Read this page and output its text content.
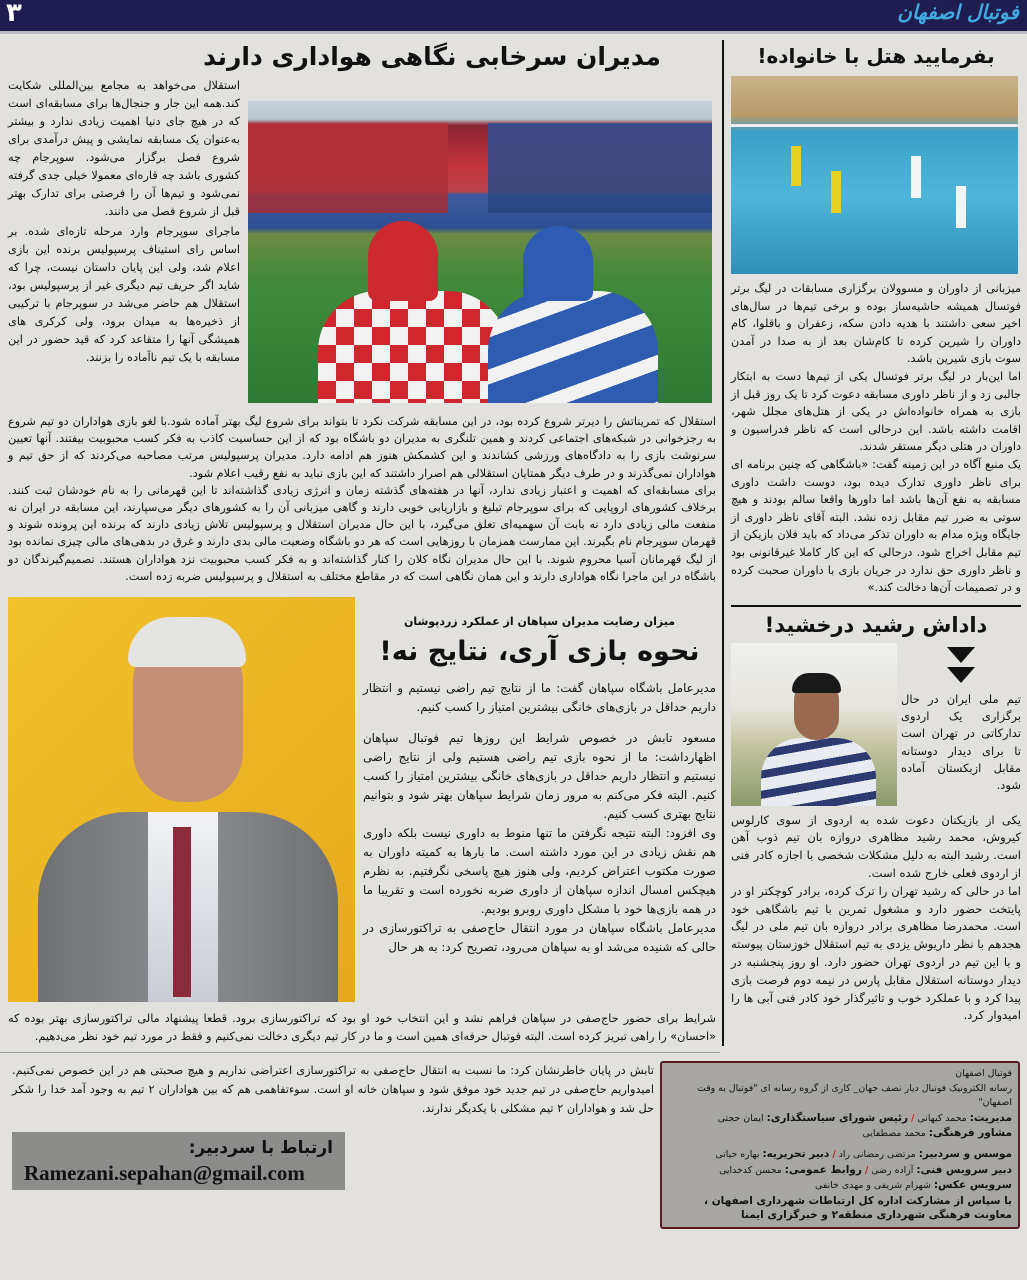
فوتبال اصفهان
۳
مدیران سرخابی نگاهی هواداری دارند

استقلال می‌خواهد به مجامع بین‌المللی شکایت کند.همه این جار و جنجال‌ها برای مسابقه‌ای است که در هیچ جای دنیا اهمیت زیادی ندارد و بیشتر به‌عنوان یک مسابقه نمایشی و پیش درآمدی برای شروع فصل برگزار می‌شود. سوپرجام چه کشوری باشد چه قاره‌ای معمولا خیلی جدی گرفته نمی‌شود و تیم‌ها آن را فرصتی برای تدارک بهتر قبل از شروع فصل می دانند.

ماجرای سوپرجام وارد مرحله تازه‌ای شده. بر اساس رای استیناف پرسپولیس برنده این بازی اعلام شد، ولی این پایان داستان نیست، چرا که شاید اگر حریف تیم دیگری غیر از پرسپولیس بود، استقلال هم حاضر می‌شد در سوپرجام با ترکیبی از ذخیره‌ها به میدان برود، ولی کرکری های همیشگی آنها را متقاعد کرد که قید حضور در این مسابقه با یک تیم ناآماده را بزنند.

استقلال که تمریناتش را دیرتر شروع کرده بود، در این مسابقه شرکت نکرد تا بتواند برای شروع لیگ بهتر آماده شود.با لغو بازی هواداران دو تیم شروع به رجزخوانی در شبکه‌های اجتماعی کردند و همین تلنگری به مدیران دو باشگاه بود که از این حساسیت کاذب به فکر کسب محبوبیت بیفتند. آنها تعیین سرنوشت بازی را به دادگاه‌های ورزشی کشاندند و این کشمکش هنوز هم ادامه دارد. مدیران پرسپولیس مرتب مصاحبه می‌کردند که از حق تیم و هواداران نمی‌گذرند و در طرف دیگر همتایان استقلالی هم اصرار داشتند که این بازی نباید به نفع رقیب اعلام شود.

برای مسابقه‌ای که اهمیت و اعتبار زیادی ندارد، آنها در هفته‌های گذشته زمان و انرژی زیادی گذاشته‌اند تا این قهرمانی را به نام خودشان ثبت کنند. برخلاف کشورهای اروپایی که برای سوپرجام تبلیغ و بازاریابی خوبی دارند و گاهی میزبانی آن را به کشورهای دیگر می‌سپارند، این مسابقه در ایران نه منفعت مالی زیادی دارد نه بابت آن سهمیه‌ای تعلق می‌گیرد، با این حال مدیران استقلال و پرسپولیس تلاش زیادی دارند که برنده این پرونده شوند و قهرمان سوپرجام نام بگیرند. این ممارست همزمان با روزهایی است که هر دو باشگاه وضعیت مالی بدی دارند و غرق در بدهی‌های مالی چیزی نمانده بود از لیگ قهرمانان آسیا محروم شوند. با این حال مدیران نگاه کلان را کنار گذاشته‌اند و به فکر کسب محبوبیت نزد هواداران هستند. تصمیم‌گیرندگان دو باشگاه در این ماجرا نگاه هواداری دارند و این همان نگاهی است که در مقاطع مختلف به استقلال و پرسپولیس ضربه زده است.

میزان رضایت مدیران سپاهان از عملکرد زردپوشان
نحوه بازی آری، نتایج نه!

مدیرعامل باشگاه سپاهان گفت: ما از نتایج تیم راضی نیستیم و انتظار داریم حداقل در بازی‌های خانگی بیشترین امتیاز را کسب کنیم.

مسعود تابش در خصوص شرایط این روزها تیم فوتبال سپاهان اظهارداشت: ما از نحوه بازی تیم راضی هستیم ولی از نتایج راضی نیستیم و انتظار داریم حداقل در بازی‌های خانگی بیشترین امتیاز را کسب کنیم. البته فکر می‌کنم به مرور زمان شرایط سپاهان بهتر شود و بتوانیم نتایج بهتری کسب کنیم.

وی افزود: البته نتیجه نگرفتن ما تنها منوط به داوری نیست بلکه داوری هم نقش زیادی در این مورد داشته است. ما بارها به کمیته داوران به صورت مکتوب اعتراض کردیم، ولی هنوز هیچ پاسخی نگرفتیم. به نظرم هیچکس امسال اندازه سپاهان از داوری ضربه نخورده است و تقریبا ما در همه بازی‌ها خود با مشکل داوری روبرو بودیم.

مدیرعامل باشگاه سپاهان در مورد انتقال حاج‌صفی به تراکتورسازی در حالی که شنیده می‌شد او به سپاهان می‌رود، تصریح کرد: به هر حال

شرایط برای حضور حاج‌صفی در سپاهان فراهم نشد و این انتخاب خود او بود که تراکتورسازی برود. قطعا پیشنهاد مالی تراکتورسازی بهتر بوده که «احسان» را راهی تبریز کرده است. البته فوتبال حرفه‌ای همین است و ما در کار تیم دیگری دخالت نمی‌کنیم و فقط در مورد تیم خود نظر می‌دهیم.

بفرمایید هتل با خانواده!

میزبانی از داوران و مسوولان برگزاری مسابقات در لیگ برتر فوتسال همیشه حاشیه‌ساز بوده و برخی تیم‌ها در سال‌های اخیر سعی داشتند با هدیه دادن سکه، زعفران و باقلوا، کام داوران را شیرین کرده تا کام‌شان بعد از به صدا در آمدن سوت بازی شیرین باشد.

اما این‌بار در لیگ برتر فوتسال یکی از تیم‌ها دست به ابتکار جالبی زد و از ناظر داوری مسابقه دعوت کرد تا یک روز قبل از بازی به همراه خانواده‌اش در یکی از هتل‌های مجلل شهر، اقامت داشته باشد. این درحالی است که ناظر فدراسیون و داوران در هتلی دیگر مستقر شدند.

یک منبع آگاه در این زمینه گفت: «باشگاهی که چنین برنامه ای برای ناظر داوری تدارک دیده بود، دوست داشت داوری مسابقه به نفع آن‌ها باشد اما داورها واقعا سالم بودند و هیچ سوتی به ضرر تیم مقابل زده نشد. البته آقای ناظر داوری از جایگاه ویژه مدام به داوران تذکر می‌داد که باید فلان بازیکن از تیم مقابل اخراج شود. درحالی که این کار کاملا غیرقانونی بود و ناظر داوری حق ندارد در جریان بازی با داوران صحبت کرده و در تصمیمات آن‌ها دخالت کند.»

داداش رشید درخشید!

تیم ملی ایران در حال برگزاری یک اردوی تدارکاتی در تهران است تا برای دیدار دوستانه مقابل ازبکستان آماده شود.

یکی از بازیکنان دعوت شده به اردوی از سوی کارلوس کیروش، محمد رشید مظاهری دروازه بان تیم ذوب آهن است. رشید البته به دلیل مشکلات شخصی با اجازه کادر فنی از اردوی فعلی خارج شده است.

اما در حالی که رشید تهران را ترک کرده، برادر کوچکتر او در پایتخت حضور دارد و مشغول تمرین با تیم باشگاهی خود است. محمدرضا مظاهری برادر دروازه بان تیم ملی در لیگ هجدهم با نظر داریوش یزدی به تیم استقلال خوزستان پیوسته و با این تیم در اردوی تهران حضور دارد. او روز پنجشنبه در دیدار دوستانه استقلال مقابل پارس در نیمه دوم فرصت بازی پیدا کرد و با عملکرد خوب و تاثیرگذار خود کادر فنی آبی ها را امیدوار کرد.

تابش در پایان خاطرنشان کرد: ما نسبت به انتقال حاج‌صفی به تراکتورسازی اعتراضی نداریم و هیچ صحبتی هم در این خصوص نمی‌کنیم. امیدواریم حاج‌صفی در تیم جدید خود موفق شود و سپاهان خانه او است. سوءتفاهمی هم که بین هواداران ۲ تیم به وجود آمد خدا را شکر حل شد و هواداران ۲ تیم مشکلی با یکدیگر ندارند.

ارتباط با سردبیر:
Ramezani.sepahan@gmail.com
فوتبال اصفهان
رسانه الکترونیک فوتبال دیار نصف جهان_ کاری از گروه رسانه ای "فوتبال به وقت اصفهان"
مدیریت: محمد کیهانی / رئیس شورای سیاستگذاری: ایمان حجتی
مشاور فرهنگی: محمد مصطفایی
موسس و سردبیر: مرتضی رمضانی راد / دبیر تحریریه: بهاره حیاتی
دبیر سرویس فنی: آزاده رضی / روابط عمومی: محسن کدخدایی
سرویس عکس: شهرام شریفی و مهدی خانفی
با سپاس از مشارکت اداره کل ارتباطات شهرداری اصفهان ، معاونت فرهنگی شهرداری منطقه۲ و خبرگزاری ایمنا
